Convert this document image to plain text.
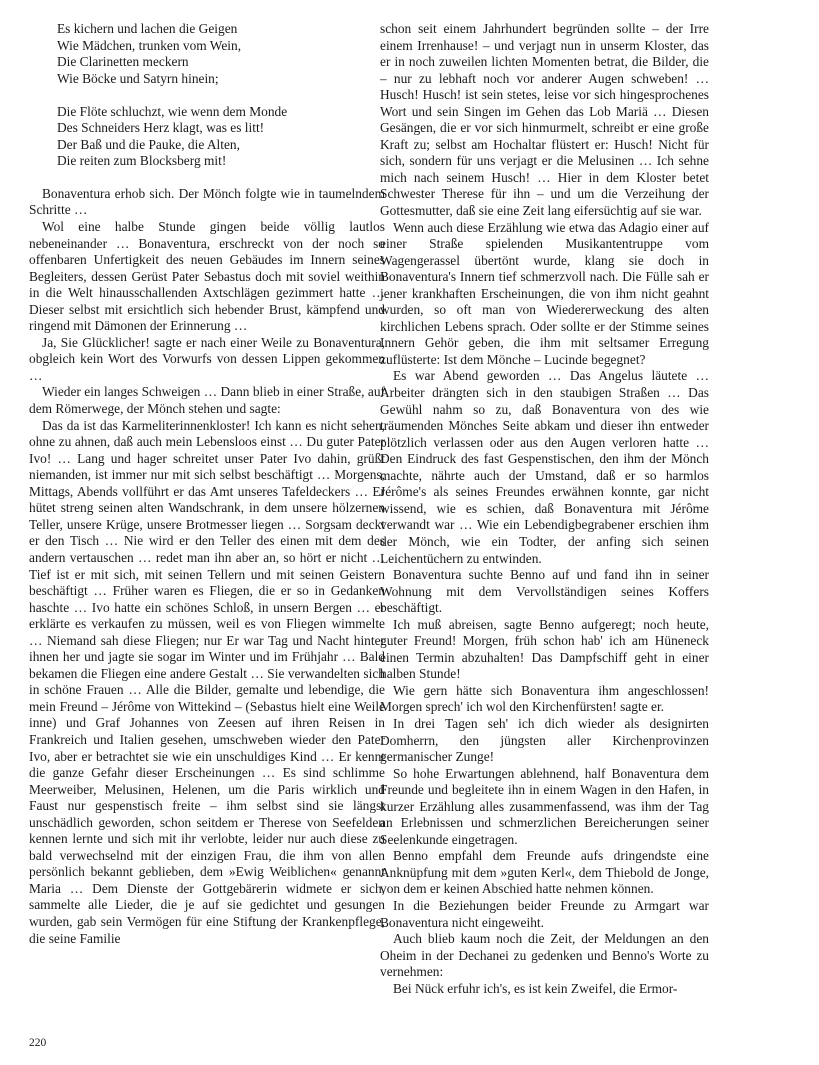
Es kichern und lachen die Geigen
Wie Mädchen, trunken vom Wein,
Die Clarinetten meckern
Wie Böcke und Satyrn hinein;
Die Flöte schluchzt, wie wenn dem Monde
Des Schneiders Herz klagt, was es litt!
Der Baß und die Pauke, die Alten,
Die reiten zum Blocksberg mit!

Bonaventura erhob sich. Der Mönch folgte wie in taumelndem Schritte …

Wol eine halbe Stunde gingen beide völlig lautlos nebeneinander … Bonaventura, erschreckt von der noch so offenbaren Unfertigkeit des neuen Gebäudes im Innern seines Begleiters, dessen Gerüst Pater Sebastus doch mit soviel weithin in die Welt hinausschallenden Axtschlägen gezimmert hatte … Dieser selbst mit ersichtlich sich hebender Brust, kämpfend und ringend mit Dämonen der Erinnerung …

Ja, Sie Glücklicher! sagte er nach einer Weile zu Bonaventura, obgleich kein Wort des Vorwurfs von dessen Lippen gekommen …

Wieder ein langes Schweigen … Dann blieb in einer Straße, auf dem Römerwege, der Mönch stehen und sagte:

Das da ist das Karmeliterinnenkloster! Ich kann es nicht sehen, ohne zu ahnen, daß auch mein Lebensloos einst … Du guter Pater Ivo! … Lang und hager schreitet unser Pater Ivo dahin, grüßt niemanden, ist immer nur mit sich selbst beschäftigt … Morgens, Mittags, Abends vollführt er das Amt unseres Tafeldeckers … Er hütet streng seinen alten Wandschrank, in dem unsere hölzernen Teller, unsere Krüge, unsere Brotmesser liegen … Sorgsam deckt er den Tisch … Nie wird er den Teller des einen mit dem des andern vertauschen … redet man ihn aber an, so hört er nicht … Tief ist er mit sich, mit seinen Tellern und mit seinen Geistern beschäftigt … Früher waren es Fliegen, die er so in Gedanken haschte … Ivo hatte ein schönes Schloß, in unsern Bergen … er erklärte es verkaufen zu müssen, weil es von Fliegen wimmelte … Niemand sah diese Fliegen; nur Er war Tag und Nacht hinter ihnen her und jagte sie sogar im Winter und im Frühjahr … Bald bekamen die Fliegen eine andere Gestalt … Sie verwandelten sich in schöne Frauen … Alle die Bilder, gemalte und lebendige, die mein Freund – Jérôme von Wittekind – (Sebastus hielt eine Weile inne) und Graf Johannes von Zeesen auf ihren Reisen in Frankreich und Italien gesehen, umschweben wieder den Pater Ivo, aber er betrachtet sie wie ein unschuldiges Kind … Er kennt die ganze Gefahr dieser Erscheinungen … Es sind schlimme Meerweiber, Melusinen, Helenen, um die Paris wirklich und Faust nur gespenstisch freite – ihm selbst sind sie längst unschädlich geworden, schon seitdem er Therese von Seefelden kennen lernte und sich mit ihr verlobte, leider nur auch diese zu bald verwechselnd mit der einzigen Frau, die ihm von allen persönlich bekannt geblieben, dem »Ewig Weiblichen« genannt Maria … Dem Dienste der Gottgebärerin widmete er sich, sammelte alle Lieder, die je auf sie gedichtet und gesungen wurden, gab sein Vermögen für eine Stiftung der Krankenpflege, die seine Familie

schon seit einem Jahrhundert begründen sollte – der Irre einem Irrenhause! – und verjagt nun in unserm Kloster, das er in noch zuweilen lichten Momenten betrat, die Bilder, die – nur zu lebhaft noch vor anderer Augen schweben! … Husch! Husch! ist sein stetes, leise vor sich hingesprochenes Wort und sein Singen im Gehen das Lob Mariä … Diesen Gesängen, die er vor sich hinmurmelt, schreibt er eine große Kraft zu; selbst am Hochaltar flüstert er: Husch! Nicht für sich, sondern für uns verjagt er die Melusinen … Ich sehne mich nach seinem Husch! … Hier in dem Kloster betet Schwester Therese für ihn – und um die Verzeihung der Gottesmutter, daß sie eine Zeit lang eifersüchtig auf sie war.

Wenn auch diese Erzählung wie etwa das Adagio einer auf einer Straße spielenden Musikantentruppe vom Wagengerassel übertönt wurde, klang sie doch in Bonaventura's Innern tief schmerzvoll nach. Die Fülle sah er jener krankhaften Erscheinungen, die von ihm nicht geahnt wurden, so oft man von Wiedererweckung des alten kirchlichen Lebens sprach. Oder sollte er der Stimme seines Innern Gehör geben, die ihm mit seltsamer Erregung zuflüsterte: Ist dem Mönche – Lucinde begegnet?

Es war Abend geworden … Das Angelus läutete … Arbeiter drängten sich in den staubigen Straßen … Das Gewühl nahm so zu, daß Bonaventura von des wie träumenden Mönches Seite abkam und dieser ihn entweder plötzlich verlassen oder aus den Augen verloren hatte … Den Eindruck des fast Gespenstischen, den ihm der Mönch machte, nährte auch der Umstand, daß er so harmlos Jérôme's als seines Freundes erwähnen konnte, gar nicht wissend, wie es schien, daß Bonaventura mit Jérôme verwandt war … Wie ein Lebendigbegrabener erschien ihm der Mönch, wie ein Todter, der anfing sich seinen Leichentüchern zu entwinden.

Bonaventura suchte Benno auf und fand ihn in seiner Wohnung mit dem Vervollständigen seines Koffers beschäftigt.

Ich muß abreisen, sagte Benno aufgeregt; noch heute, guter Freund! Morgen, früh schon hab' ich am Hüneneck einen Termin abzuhalten! Das Dampfschiff geht in einer halben Stunde!

Wie gern hätte sich Bonaventura ihm angeschlossen! Morgen sprech' ich wol den Kirchenfürsten! sagte er.

In drei Tagen seh' ich dich wieder als designirten Domherrn, den jüngsten aller Kirchenprovinzen germanischer Zunge!

So hohe Erwartungen ablehnend, half Bonaventura dem Freunde und begleitete ihn in einem Wagen in den Hafen, in kurzer Erzählung alles zusammenfassend, was ihm der Tag an Erlebnissen und schmerzlichen Bereicherungen seiner Seelenkunde eingetragen.

Benno empfahl dem Freunde aufs dringendste eine Anknüpfung mit dem »guten Kerl«, dem Thiebold de Jonge, von dem er keinen Abschied hatte nehmen können.

In die Beziehungen beider Freunde zu Armgart war Bonaventura nicht eingeweiht.

Auch blieb kaum noch die Zeit, der Meldungen an den Oheim in der Dechanei zu gedenken und Benno's Worte zu vernehmen:

Bei Nück erfuhr ich's, es ist kein Zweifel, die Ermor-

220
